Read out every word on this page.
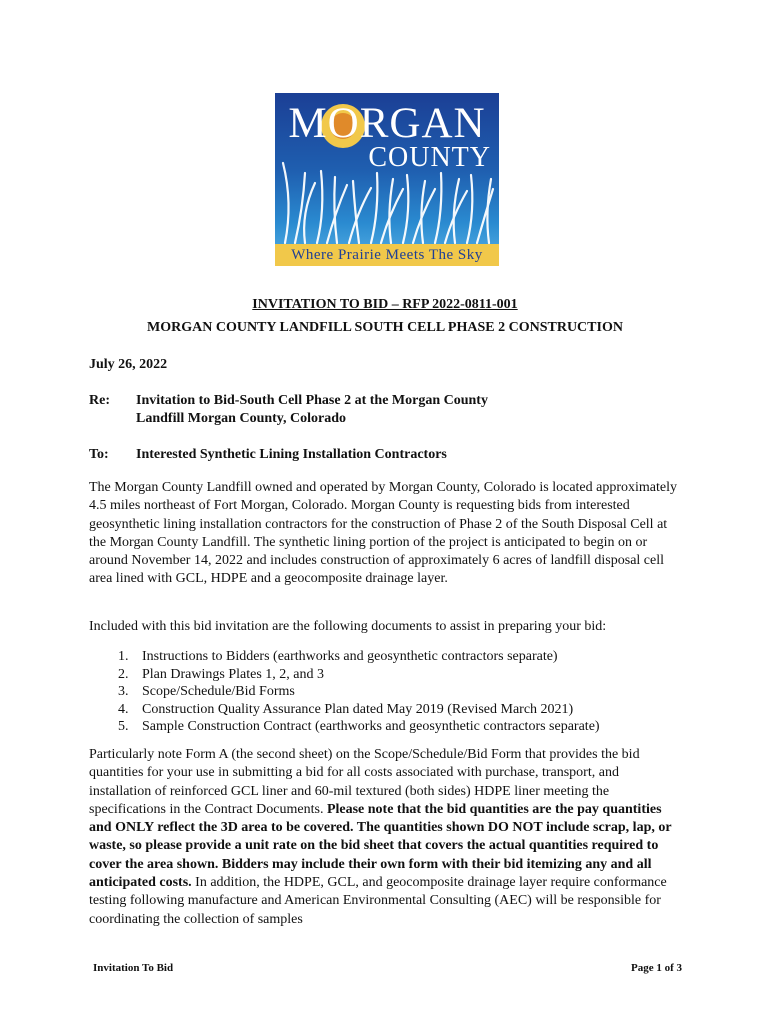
MORGAN
COUNTY
Where Prairie Meets The Sky
INVITATION TO BID – RFP 2022-0811-001
MORGAN COUNTY LANDFILL SOUTH CELL PHASE 2 CONSTRUCTION
July 26, 2022
Re: Invitation to Bid-South Cell Phase 2 at the Morgan County
Landfill Morgan County, Colorado
To: Interested Synthetic Lining Installation Contractors

The Morgan County Landfill owned and operated by Morgan County, Colorado is located approximately 4.5 miles northeast of Fort Morgan, Colorado. Morgan County is requesting bids from interested geosynthetic lining installation contractors for the construction of Phase 2 of the South Disposal Cell at the Morgan County Landfill. The synthetic lining portion of the project is anticipated to begin on or around November 14, 2022 and includes construction of approximately 6 acres of landfill disposal cell area lined with GCL, HDPE and a geocomposite drainage layer.

Included with this bid invitation are the following documents to assist in preparing your bid:

1. Instructions to Bidders (earthworks and geosynthetic contractors separate)
2. Plan Drawings Plates 1, 2, and 3
3. Scope/Schedule/Bid Forms
4. Construction Quality Assurance Plan dated May 2019 (Revised March 2021)
5. Sample Construction Contract (earthworks and geosynthetic contractors separate)

Particularly note Form A (the second sheet) on the Scope/Schedule/Bid Form that provides the bid quantities for your use in submitting a bid for all costs associated with purchase, transport, and installation of reinforced GCL liner and 60-mil textured (both sides) HDPE liner meeting the specifications in the Contract Documents. Please note that the bid quantities are the pay quantities and ONLY reflect the 3D area to be covered. The quantities shown DO NOT include scrap, lap, or waste, so please provide a unit rate on the bid sheet that covers the actual quantities required to cover the area shown. Bidders may include their own form with their bid itemizing any and all anticipated costs. In addition, the HDPE, GCL, and geocomposite drainage layer require conformance testing following manufacture and American Environmental Consulting (AEC) will be responsible for coordinating the collection of samples

Invitation To Bid	Page 1 of 3
